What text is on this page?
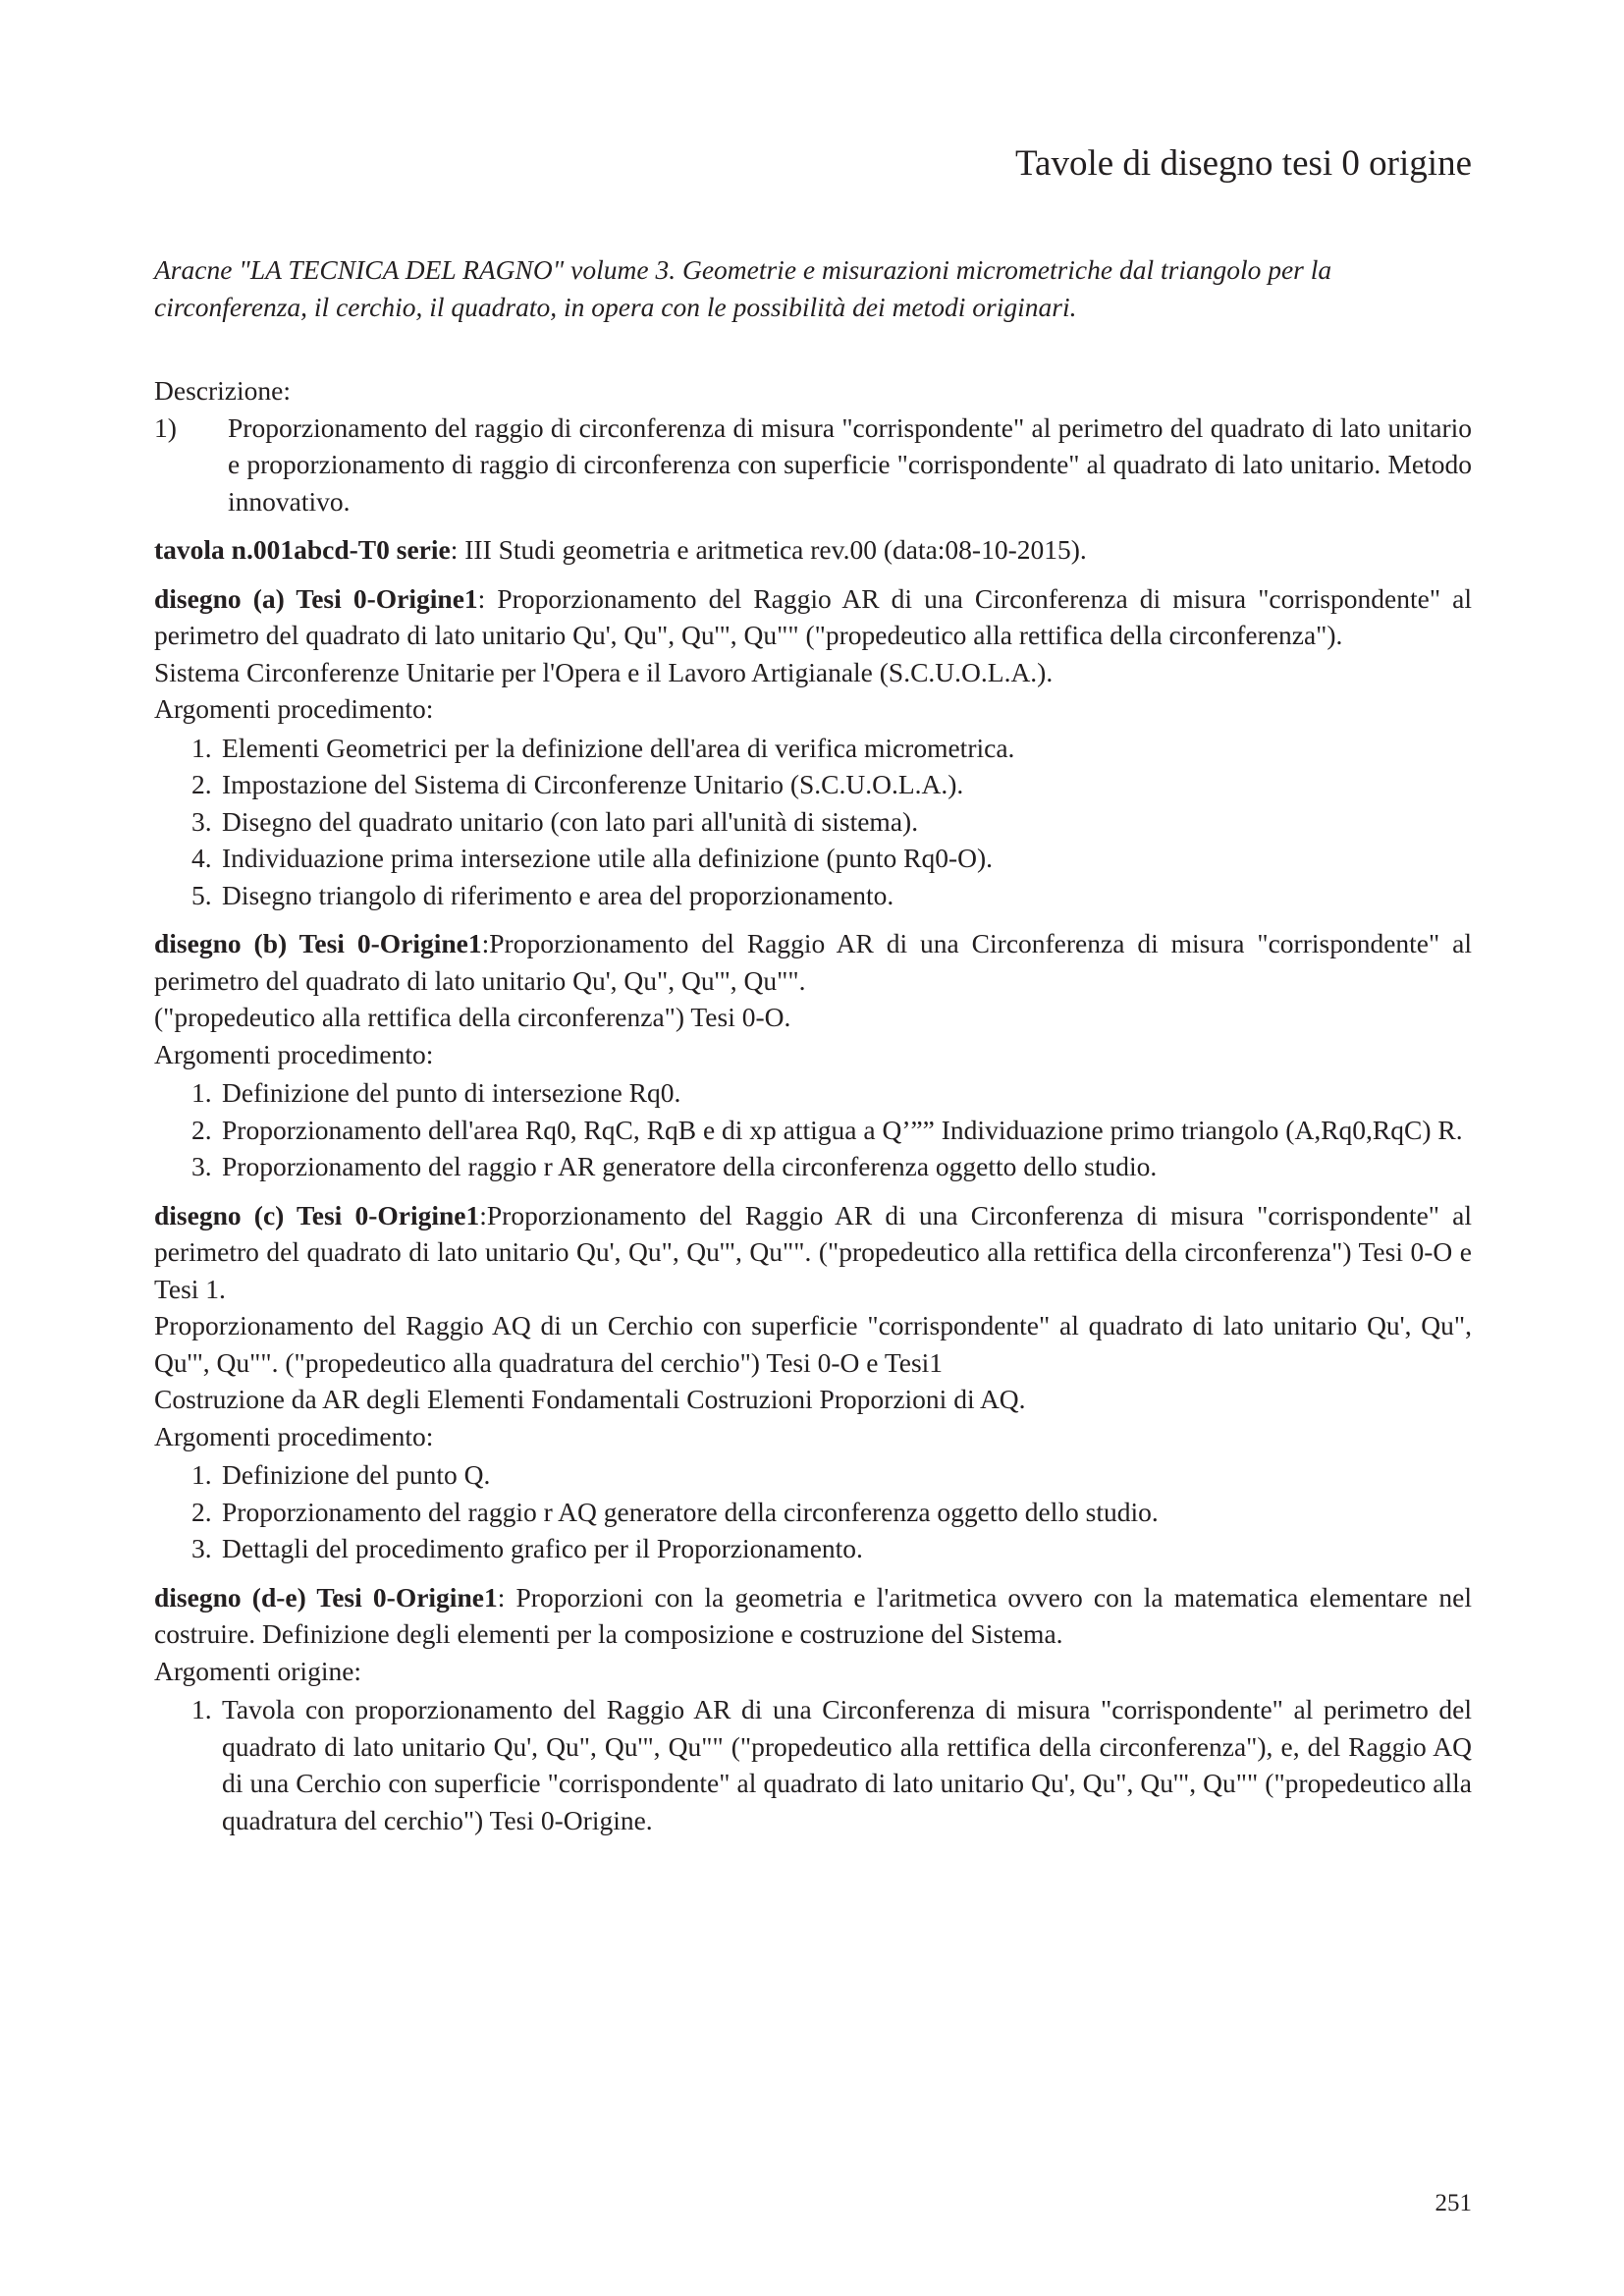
Tavole di disegno tesi 0 origine

Aracne "LA TECNICA DEL RAGNO" volume 3. Geometrie e misurazioni micrometriche dal triangolo per la circonferenza, il cerchio, il quadrato, in opera con le possibilità dei metodi originari.

Descrizione:

1) Proporzionamento del raggio di circonferenza di misura "corrispondente" al perimetro del quadrato di lato unitario e proporzionamento di raggio di circonferenza con superficie "corrispondente" al quadrato di lato unitario. Metodo innovativo.

tavola n.001abcd-T0 serie: III Studi geometria e aritmetica rev.00 (data:08-10-2015).

disegno (a) Tesi 0-Origine1: Proporzionamento del Raggio AR di una Circonferenza di misura "corrispondente" al perimetro del quadrato di lato unitario Qu', Qu", Qu'", Qu"" ("propedeutico alla rettifica della circonferenza").

Sistema Circonferenze Unitarie per l'Opera e il Lavoro Artigianale (S.C.U.O.L.A.).

Argomenti procedimento:

1. Elementi Geometrici per la definizione dell'area di verifica micrometrica.
2. Impostazione del Sistema di Circonferenze Unitario (S.C.U.O.L.A.).
3. Disegno del quadrato unitario (con lato pari all'unità di sistema).
4. Individuazione prima intersezione utile alla definizione (punto Rq0-O).
5. Disegno triangolo di riferimento e area del proporzionamento.

disegno (b) Tesi 0-Origine1:Proporzionamento del Raggio AR di una Circonferenza di misura "corrispondente" al perimetro del quadrato di lato unitario Qu', Qu", Qu'", Qu"".

("propedeutico alla rettifica della circonferenza") Tesi 0-O.

Argomenti procedimento:

1. Definizione del punto di intersezione Rq0.
2. Proporzionamento dell'area Rq0, RqC, RqB e di xp attigua a Q’”” Individuazione primo triangolo (A,Rq0,RqC) R.
3. Proporzionamento del raggio r AR generatore della circonferenza oggetto dello studio.

disegno (c) Tesi 0-Origine1:Proporzionamento del Raggio AR di una Circonferenza di misura "corrispondente" al perimetro del quadrato di lato unitario Qu', Qu", Qu'", Qu"". ("propedeutico alla rettifica della circonferenza") Tesi 0-O e Tesi 1.

Proporzionamento del Raggio AQ di un Cerchio con superficie "corrispondente" al quadrato di lato unitario Qu', Qu", Qu'", Qu"". ("propedeutico alla quadratura del cerchio") Tesi 0-O e Tesi1

Costruzione da AR degli Elementi Fondamentali Costruzioni Proporzioni di AQ.

Argomenti procedimento:

1. Definizione del punto Q.
2. Proporzionamento del raggio r AQ generatore della circonferenza oggetto dello studio.
3. Dettagli del procedimento grafico per il Proporzionamento.

disegno (d-e) Tesi 0-Origine1: Proporzioni con la geometria e l'aritmetica ovvero con la matematica elementare nel costruire. Definizione degli elementi per la composizione e costruzione del Sistema.

Argomenti origine:

1. Tavola con proporzionamento del Raggio AR di una Circonferenza di misura "corrispondente" al perimetro del quadrato di lato unitario Qu', Qu", Qu'", Qu"" ("propedeutico alla rettifica della circonferenza"), e, del Raggio AQ di una Cerchio con superficie "corrispondente" al quadrato di lato unitario Qu', Qu", Qu'", Qu"" ("propedeutico alla quadratura del cerchio") Tesi 0-Origine.
251
